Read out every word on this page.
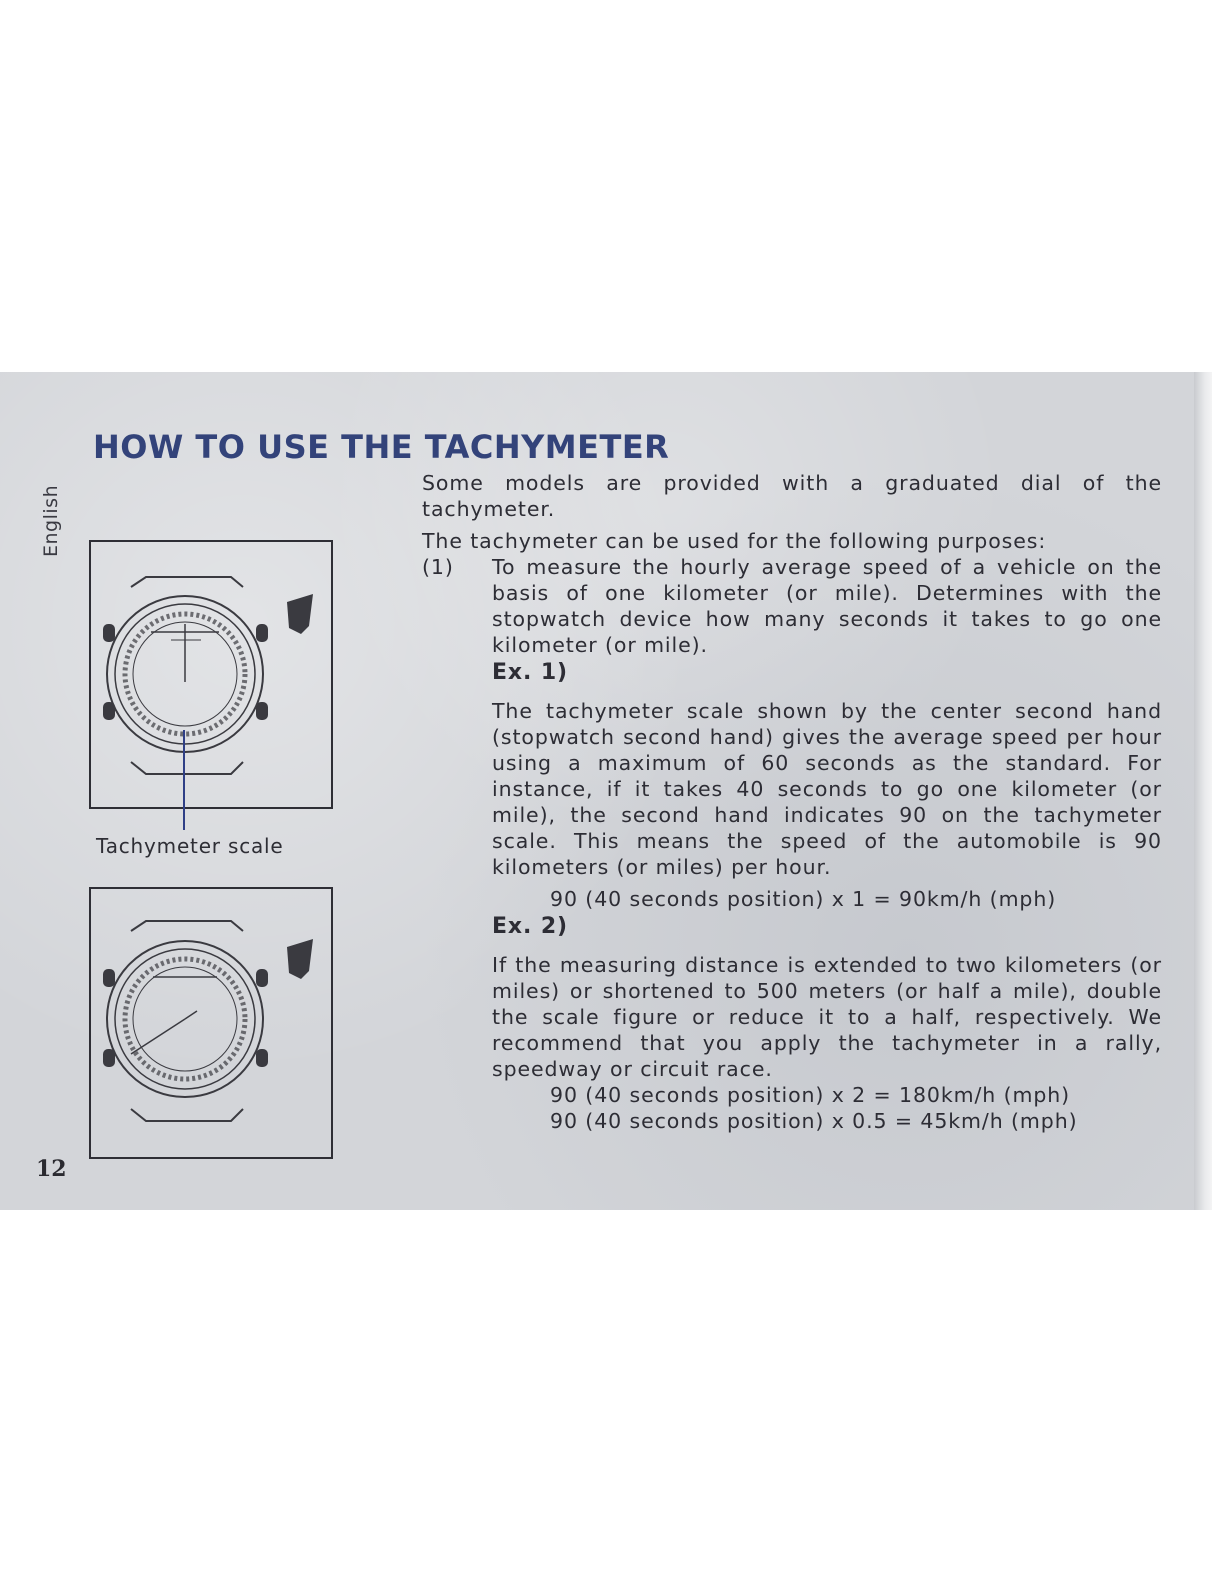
English
HOW TO USE THE TACHYMETER
Tachymeter scale
12

Some models are provided with a graduated dial of the tachymeter.

The tachymeter can be used for the following purposes:

(1)	To measure the hourly average speed of a vehicle on the basis of one kilometer (or mile). Determines with the stopwatch device how many seconds it takes to go one kilometer (or mile).

Ex. 1)

The tachymeter scale shown by the center second hand (stopwatch second hand) gives the average speed per hour using a maximum of 60 seconds as the standard. For instance, if it takes 40 seconds to go one kilometer (or mile), the second hand indicates 90 on the tachymeter scale. This means the speed of the automobile is 90 kilometers (or miles) per hour.

90 (40 seconds position) x 1 = 90km/h (mph)

Ex. 2)

If the measuring distance is extended to two kilometers (or miles) or shortened to 500 meters (or half a mile), double the scale figure or reduce it to a half, respectively. We recommend that you apply the tachymeter in a rally, speedway or circuit race.

90 (40 seconds position) x 2 = 180km/h (mph)

90 (40 seconds position) x 0.5 = 45km/h (mph)
